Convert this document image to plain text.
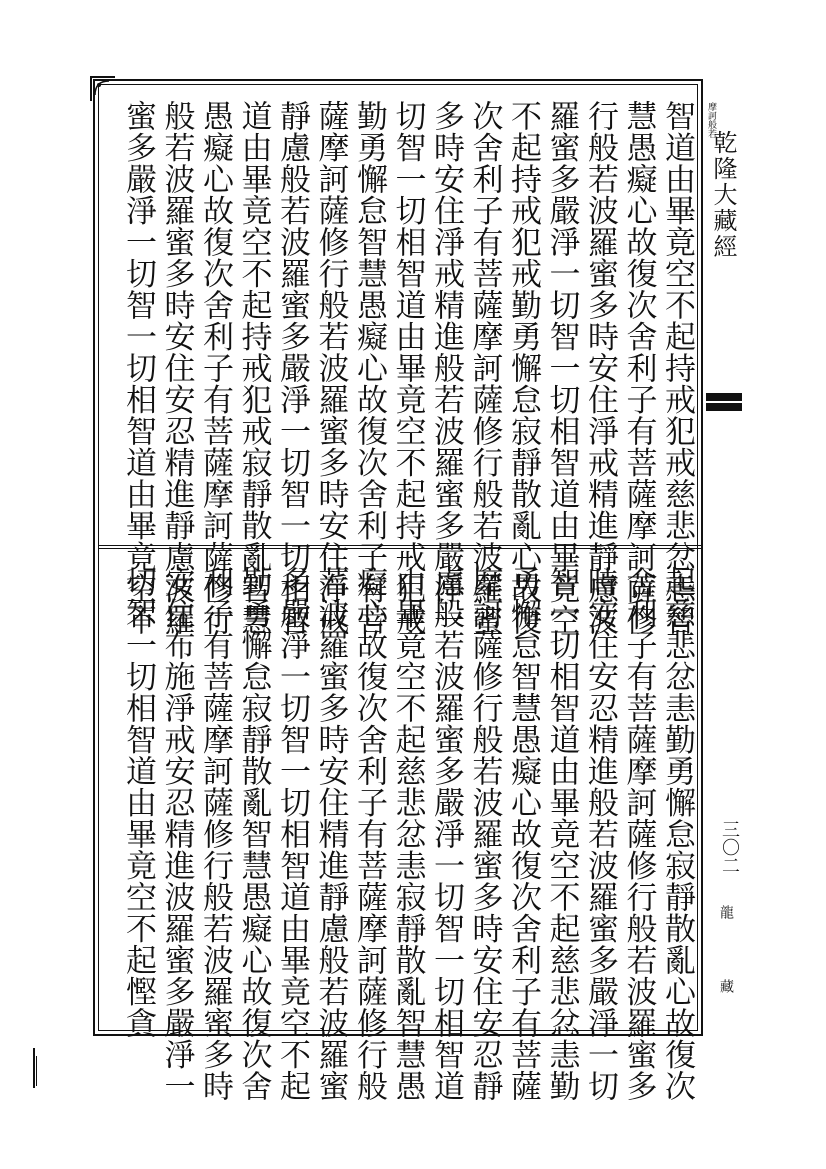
摩訶般若
乾隆大藏經
三〇二
龍 藏
智道由畢竟空不起持戒犯戒慈悲忿恚智
慧愚癡心故復次舍利子有菩薩摩訶薩修
行般若波羅蜜多時安住淨戒精進靜慮波
羅蜜多嚴淨一切智一切相智道由畢竟空
不起持戒犯戒勤勇懈怠寂靜散亂心故復
次舍利子有菩薩摩訶薩修行般若波羅蜜
多時安住淨戒精進般若波羅蜜多嚴淨一
切智一切相智道由畢竟空不起持戒犯戒
勤勇懈怠智慧愚癡心故復次舍利子有菩
薩摩訶薩修行般若波羅蜜多時安住淨戒
靜慮般若波羅蜜多嚴淨一切智一切相智
道由畢竟空不起持戒犯戒寂靜散亂智慧
愚癡心故復次舍利子有菩薩摩訶薩修行
般若波羅蜜多時安住安忍精進靜慮波羅
蜜多嚴淨一切智一切相智道由畢竟空不
起慈悲忿恚勤勇懈怠寂靜散亂心故復次
舍利子有菩薩摩訶薩修行般若波羅蜜多
時安住安忍精進般若波羅蜜多嚴淨一切
智一切相智道由畢竟空不起慈悲忿恚勤
勇懈怠智慧愚癡心故復次舍利子有菩薩
摩訶薩修行般若波羅蜜多時安住安忍靜
慮般若波羅蜜多嚴淨一切智一切相智道
由畢竟空不起慈悲忿恚寂靜散亂智慧愚
癡心故復次舍利子有菩薩摩訶薩修行般
若波羅蜜多時安住精進靜慮般若波羅蜜
多嚴淨一切智一切相智道由畢竟空不起
勤勇懈怠寂靜散亂智慧愚癡心故復次舍
利子有菩薩摩訶薩修行般若波羅蜜多時
安住布施淨戒安忍精進波羅蜜多嚴淨一
切智一切相智道由畢竟空不起慳貪
